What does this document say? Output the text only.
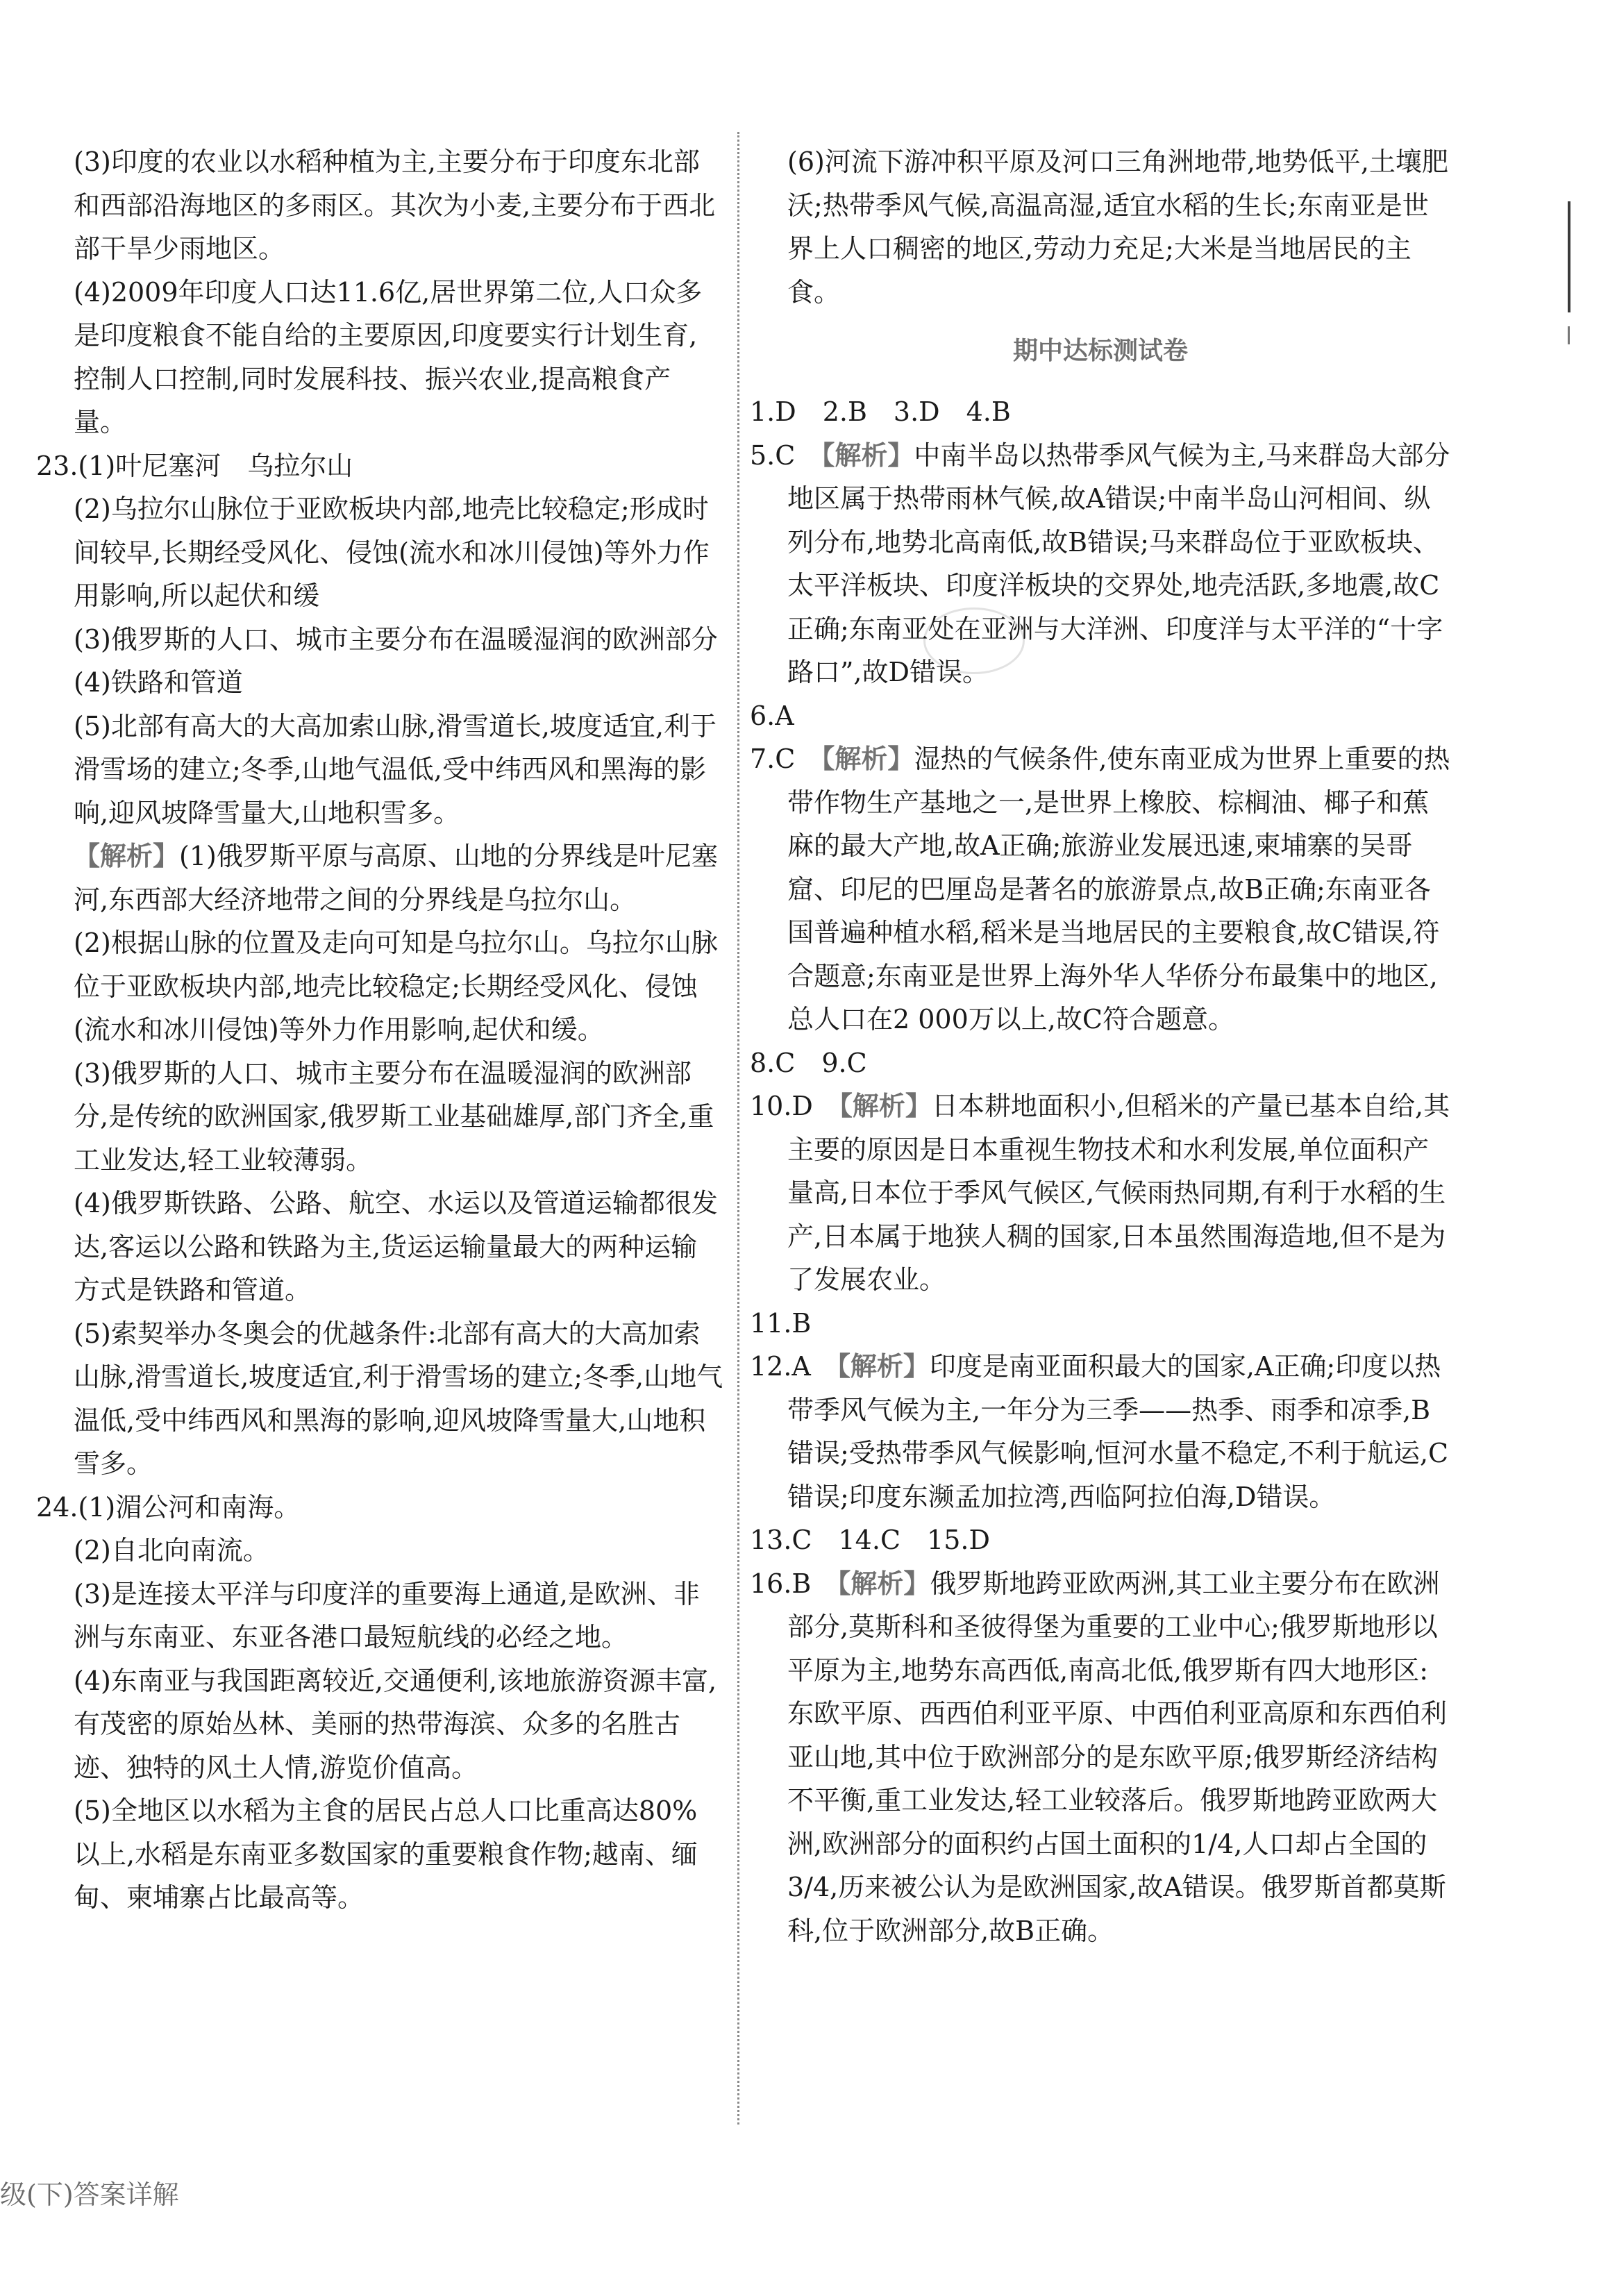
(3)印度的农业以水稻种植为主,主要分布于印度东北部和西部沿海地区的多雨区。其次为小麦,主要分布于西北部干旱少雨地区。

(4)2009年印度人口达11.6亿,居世界第二位,人口众多是印度粮食不能自给的主要原因,印度要实行计划生育,控制人口控制,同时发展科技、振兴农业,提高粮食产量。

23.(1)叶尼塞河　乌拉尔山

(2)乌拉尔山脉位于亚欧板块内部,地壳比较稳定;形成时间较早,长期经受风化、侵蚀(流水和冰川侵蚀)等外力作用影响,所以起伏和缓

(3)俄罗斯的人口、城市主要分布在温暖湿润的欧洲部分

(4)铁路和管道

(5)北部有高大的大高加索山脉,滑雪道长,坡度适宜,利于滑雪场的建立;冬季,山地气温低,受中纬西风和黑海的影响,迎风坡降雪量大,山地积雪多。

【解析】(1)俄罗斯平原与高原、山地的分界线是叶尼塞河,东西部大经济地带之间的分界线是乌拉尔山。

(2)根据山脉的位置及走向可知是乌拉尔山。乌拉尔山脉位于亚欧板块内部,地壳比较稳定;长期经受风化、侵蚀(流水和冰川侵蚀)等外力作用影响,起伏和缓。

(3)俄罗斯的人口、城市主要分布在温暖湿润的欧洲部分,是传统的欧洲国家,俄罗斯工业基础雄厚,部门齐全,重工业发达,轻工业较薄弱。

(4)俄罗斯铁路、公路、航空、水运以及管道运输都很发达,客运以公路和铁路为主,货运运输量最大的两种运输方式是铁路和管道。

(5)索契举办冬奥会的优越条件:北部有高大的大高加索山脉,滑雪道长,坡度适宜,利于滑雪场的建立;冬季,山地气温低,受中纬西风和黑海的影响,迎风坡降雪量大,山地积雪多。

24.(1)湄公河和南海。

(2)自北向南流。

(3)是连接太平洋与印度洋的重要海上通道,是欧洲、非洲与东南亚、东亚各港口最短航线的必经之地。

(4)东南亚与我国距离较近,交通便利,该地旅游资源丰富,有茂密的原始丛林、美丽的热带海滨、众多的名胜古迹、独特的风土人情,游览价值高。

(5)全地区以水稻为主食的居民占总人口比重高达80%以上,水稻是东南亚多数国家的重要粮食作物;越南、缅甸、柬埔寨占比最高等。

(6)河流下游冲积平原及河口三角洲地带,地势低平,土壤肥沃;热带季风气候,高温高湿,适宜水稻的生长;东南亚是世界上人口稠密的地区,劳动力充足;大米是当地居民的主食。

期中达标测试卷

1.D　2.B　3.D　4.B

5.C　【解析】中南半岛以热带季风气候为主,马来群岛大部分地区属于热带雨林气候,故A错误;中南半岛山河相间、纵列分布,地势北高南低,故B错误;马来群岛位于亚欧板块、太平洋板块、印度洋板块的交界处,地壳活跃,多地震,故C正确;东南亚处在亚洲与大洋洲、印度洋与太平洋的“十字路口”,故D错误。

6.A

7.C　【解析】湿热的气候条件,使东南亚成为世界上重要的热带作物生产基地之一,是世界上橡胶、棕榈油、椰子和蕉麻的最大产地,故A正确;旅游业发展迅速,柬埔寨的吴哥窟、印尼的巴厘岛是著名的旅游景点,故B正确;东南亚各国普遍种植水稻,稻米是当地居民的主要粮食,故C错误,符合题意;东南亚是世界上海外华人华侨分布最集中的地区,总人口在2 000万以上,故C符合题意。

8.C　9.C

10.D　【解析】日本耕地面积小,但稻米的产量已基本自给,其主要的原因是日本重视生物技术和水利发展,单位面积产量高,日本位于季风气候区,气候雨热同期,有利于水稻的生产,日本属于地狭人稠的国家,日本虽然围海造地,但不是为了发展农业。

11.B

12.A　【解析】印度是南亚面积最大的国家,A正确;印度以热带季风气候为主,一年分为三季——热季、雨季和凉季,B错误;受热带季风气候影响,恒河水量不稳定,不利于航运,C错误;印度东濒孟加拉湾,西临阿拉伯海,D错误。

13.C　14.C　15.D

16.B　【解析】俄罗斯地跨亚欧两洲,其工业主要分布在欧洲部分,莫斯科和圣彼得堡为重要的工业中心;俄罗斯地形以平原为主,地势东高西低,南高北低,俄罗斯有四大地形区:东欧平原、西西伯利亚平原、中西伯利亚高原和东西伯利亚山地,其中位于欧洲部分的是东欧平原;俄罗斯经济结构不平衡,重工业发达,轻工业较落后。俄罗斯地跨亚欧两大洲,欧洲部分的面积约占国土面积的1/4,人口却占全国的3/4,历来被公认为是欧洲国家,故A错误。俄罗斯首都莫斯科,位于欧洲部分,故B正确。

级(下)答案详解
